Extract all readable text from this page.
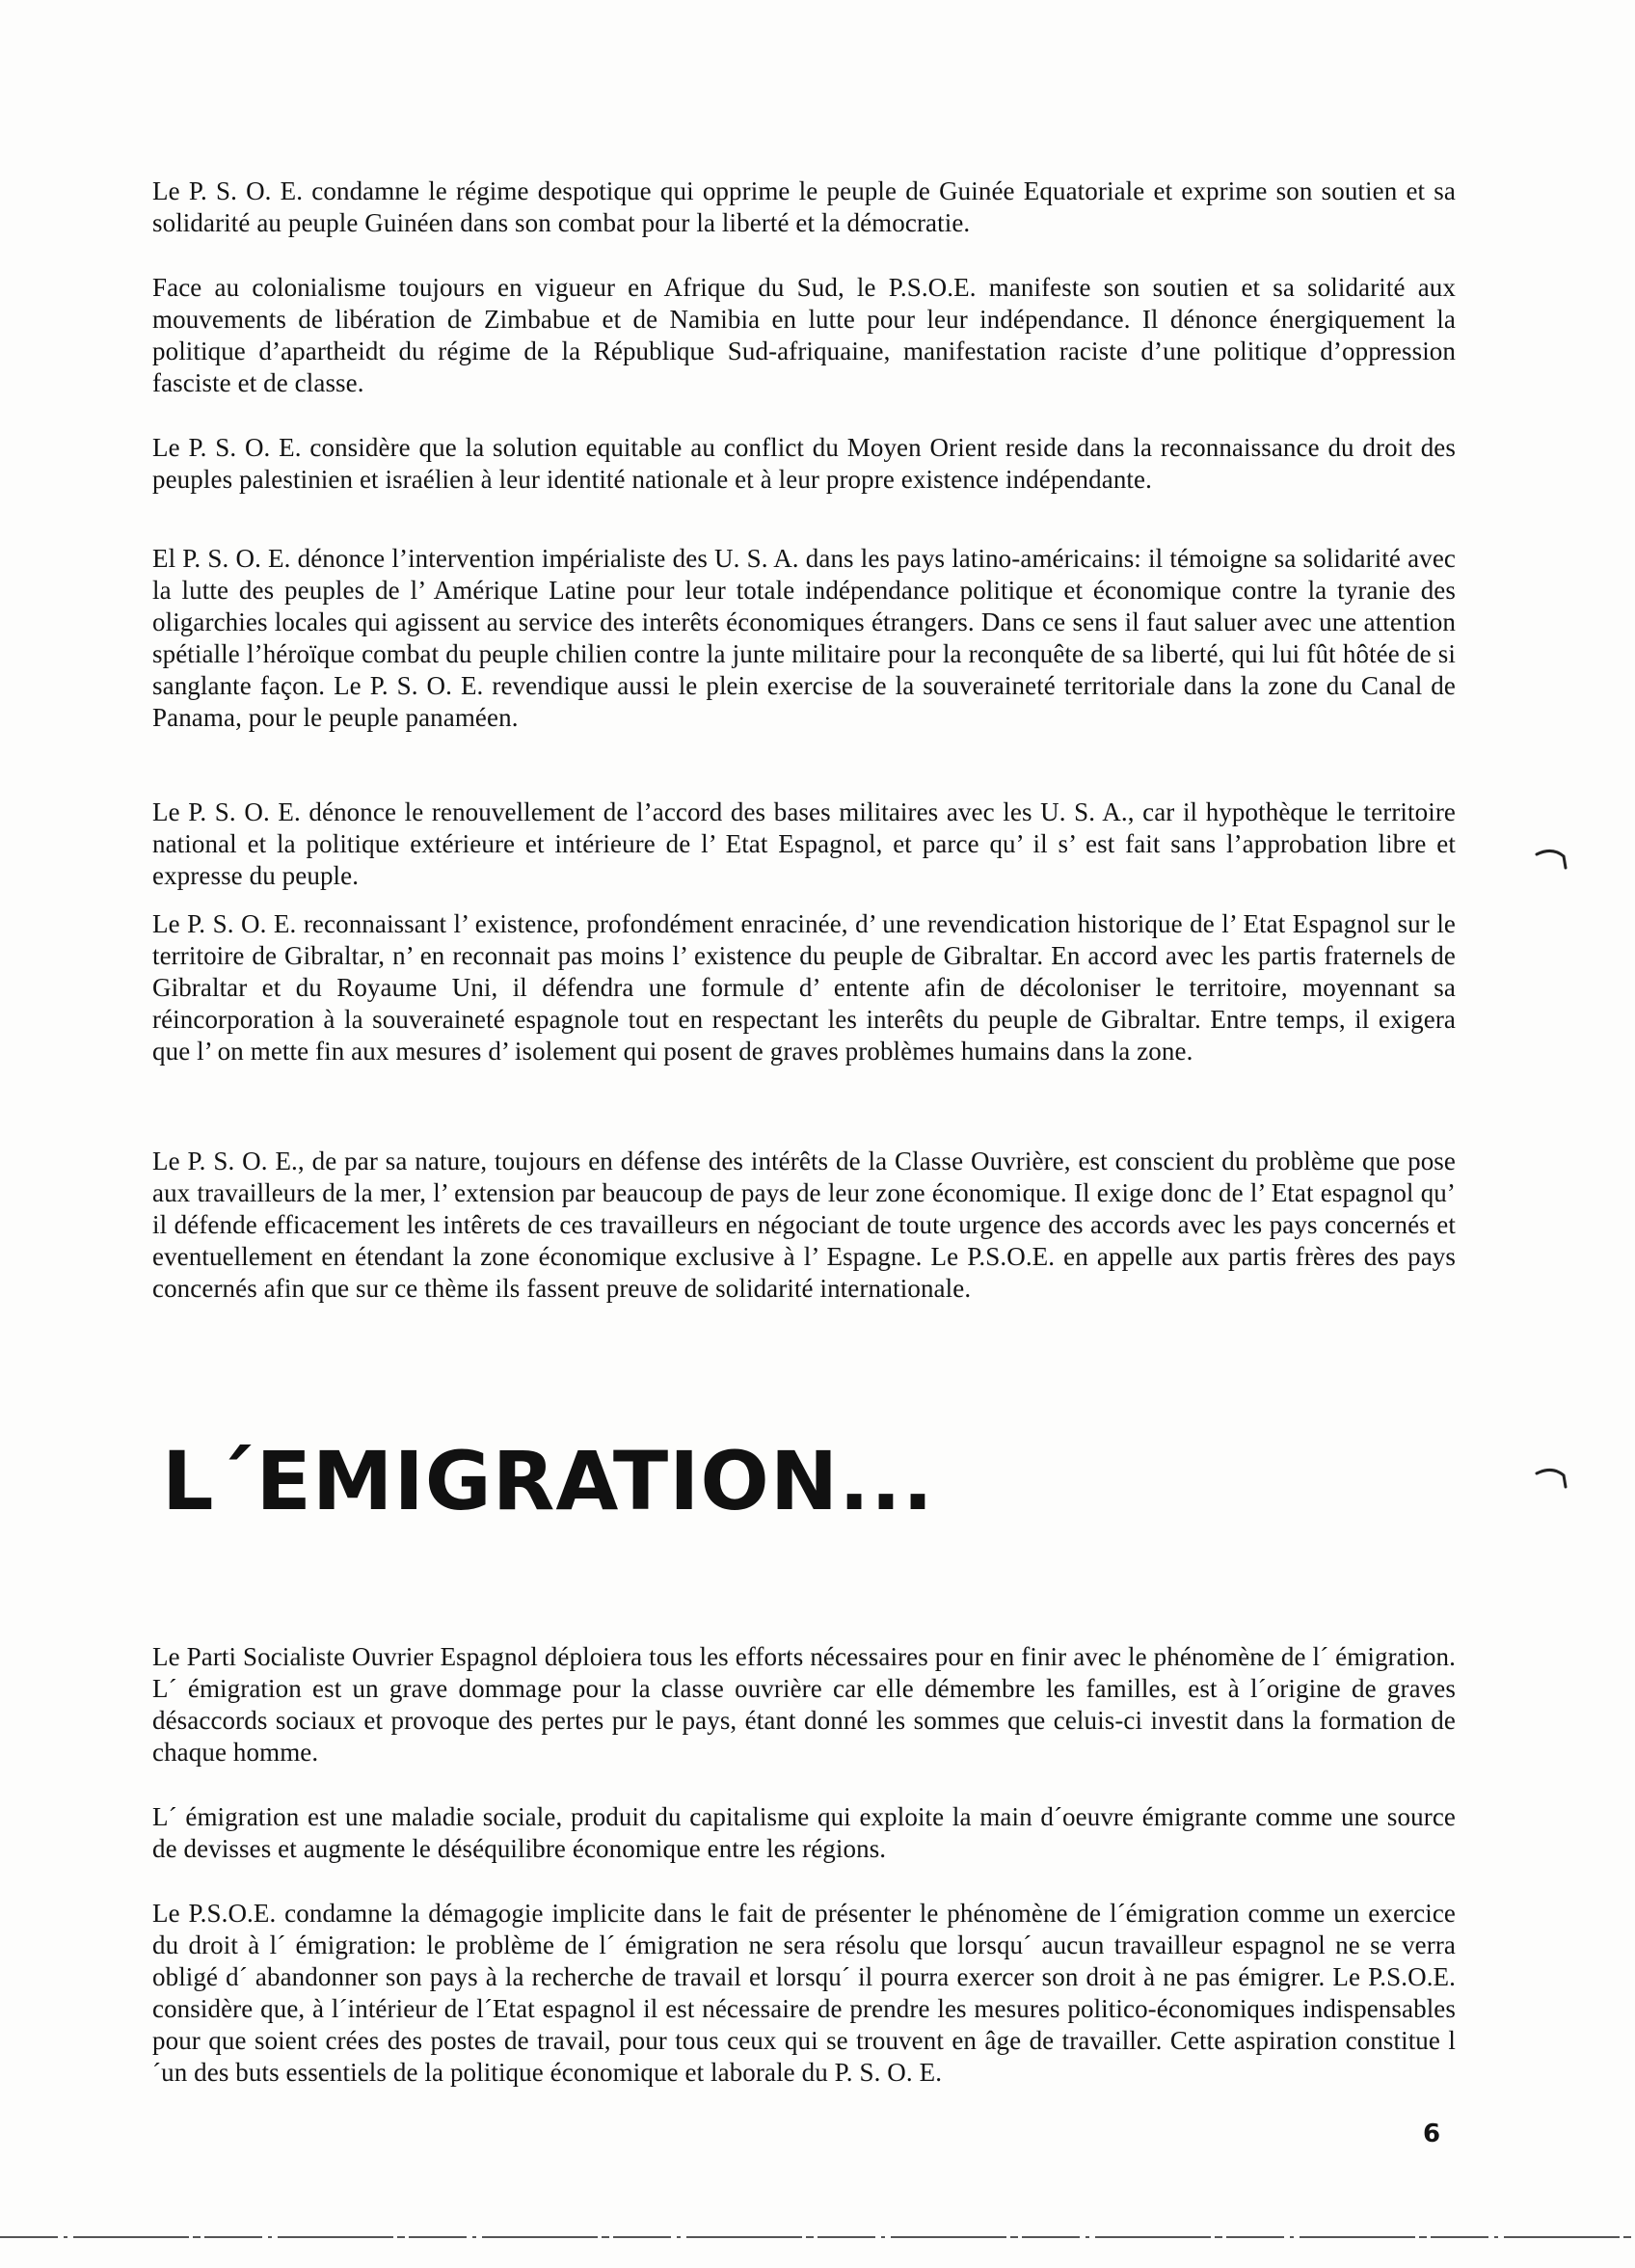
Le P. S. O. E. condamne le régime despotique qui opprime le peuple de Guinée Equatoriale et exprime son soutien et sa solidarité au peuple Guinéen dans son combat pour la liberté et la démocratie.

Face au colonialisme toujours en vigueur en Afrique du Sud, le P.S.O.E. manifeste son soutien et sa solidarité aux mouvements de libération de Zimbabue et de Namibia en lutte pour leur indépendance. Il dénonce énergiquement la politique d’apartheidt du régime de la République Sud-afriquaine, manifestation raciste d’une politique d’oppression fasciste et de classe.

Le P. S. O. E. considère que la solution equitable au conflict du Moyen Orient reside dans la reconnaissance du droit des peuples palestinien et israélien à leur identité nationale et à leur propre existence indépendante.

El P. S. O. E. dénonce l’intervention impérialiste des U. S. A. dans les pays latino-américains: il témoigne sa solidarité avec la lutte des peuples de l’ Amérique Latine pour leur totale indépendance politique et économique contre la tyranie des oligarchies locales qui agissent au service des interêts économiques étrangers. Dans ce sens il faut saluer avec une attention spétialle l’héroïque combat du peuple chilien contre la junte militaire pour la reconquête de sa liberté, qui lui fût hôtée de si sanglante façon. Le P. S. O. E. revendique aussi le plein exercise de la souveraineté territoriale dans la zone du Canal de Panama, pour le peuple panaméen.

Le P. S. O. E. dénonce le renouvellement de l’accord des bases militaires avec les U. S. A., car il hypothèque le territoire national et la politique extérieure et intérieure de l’ Etat Espagnol, et parce qu’ il s’ est fait sans l’approbation libre et expresse du peuple.

Le P. S. O. E. reconnaissant l’ existence, profondément enracinée, d’ une revendication historique de l’ Etat Espagnol sur le territoire de Gibraltar, n’ en reconnait pas moins l’ existence du peuple de Gibraltar. En accord avec les partis fraternels de Gibraltar et du Royaume Uni, il défendra une formule d’ entente afin de décoloniser le territoire, moyennant sa réincorporation à la souveraineté espagnole tout en respectant les interêts du peuple de Gibraltar. Entre temps, il exigera que l’ on mette fin aux mesures d’ isolement qui posent de graves problèmes humains dans la zone.

Le P. S. O. E., de par sa nature, toujours en défense des intérêts de la Classe Ouvrière, est conscient du problème que pose aux travailleurs de la mer, l’ extension par beaucoup de pays de leur zone économique. Il exige donc de l’ Etat espagnol qu’ il défende efficacement les intêrets de ces travailleurs en négociant de toute urgence des accords avec les pays concernés et eventuellement en étendant la zone économique exclusive à l’ Espagne. Le P.S.O.E. en appelle aux partis frères des pays concernés afin que sur ce thème ils fassent preuve de solidarité internationale.

L´EMIGRATION...

Le Parti Socialiste Ouvrier Espagnol déploiera tous les efforts nécessaires pour en finir avec le phénomène de l´ émigration. L´ émigration est un grave dommage pour la classe ouvrière car elle démembre les familles, est à l´origine de graves désaccords sociaux et provoque des pertes pur le pays, étant donné les sommes que celuis-ci investit dans la formation de chaque homme.

L´ émigration est une maladie sociale, produit du capitalisme qui exploite la main d´oeuvre émigrante comme une source de devisses et augmente le déséquilibre économique entre les régions.

Le P.S.O.E. condamne la démagogie implicite dans le fait de présenter le phénomène de l´émigration comme un exercice du droit à l´ émigration: le problème de l´ émigration ne sera résolu que lorsqu´ aucun travailleur espagnol ne se verra obligé d´ abandonner son pays à la recherche de travail et lorsqu´ il pourra exercer son droit à ne pas émigrer. Le P.S.O.E. considère que, à l´intérieur de l´Etat espagnol il est nécessaire de prendre les mesures politico-économiques indispensables pour que soient crées des postes de travail, pour tous ceux qui se trouvent en âge de travailler. Cette aspiration constitue l´un des buts essentiels de la politique économique et laborale du P. S. O. E.

6
